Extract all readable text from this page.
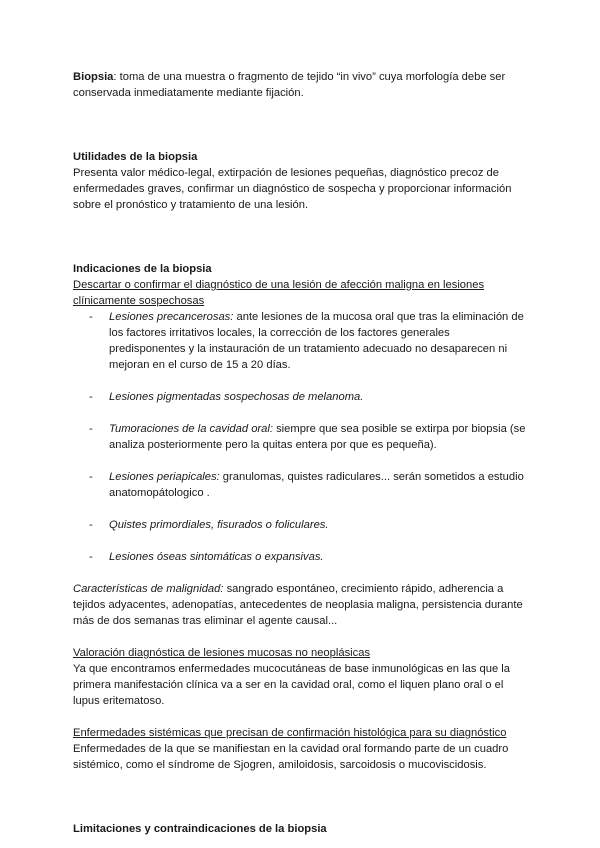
Biopsia: toma de una muestra o fragmento de tejido “in vivo” cuya morfología debe ser conservada inmediatamente mediante fijación.

Utilidades de la biopsia

Presenta valor médico-legal, extirpación de lesiones pequeñas, diagnóstico precoz de enfermedades graves, confirmar un diagnóstico de sospecha y proporcionar información sobre el pronóstico y tratamiento de una lesión.

Indicaciones de la biopsia

Descartar o confirmar el diagnóstico de una lesión de afección maligna en lesiones clínicamente sospechosas

- Lesiones precancerosas: ante lesiones de la mucosa oral que tras la eliminación de los factores irritativos locales, la corrección de los factores generales predisponentes y la instauración de un tratamiento adecuado no desaparecen ni mejoran en el curso de 15 a 20 días.
- Lesiones pigmentadas sospechosas de melanoma.
- Tumoraciones de la cavidad oral: siempre que sea posible se extirpa por biopsia (se analiza posteriormente pero la quitas entera por que es pequeña).
- Lesiones periapicales: granulomas, quistes radiculares... serán sometidos a estudio anatomopátologico .
- Quistes primordiales, fisurados o foliculares.
- Lesiones óseas sintomáticas o expansivas.

Características de malignidad: sangrado espontáneo, crecimiento rápido, adherencia a tejidos adyacentes, adenopatías, antecedentes de neoplasia maligna, persistencia durante más de dos semanas tras eliminar el agente causal...

Valoración diagnóstica de lesiones mucosas no neoplásicas

Ya que encontramos enfermedades mucocutáneas de base inmunológicas en las que la primera manifestación clínica va a ser en la cavidad oral, como el liquen plano oral o el lupus eritematoso.

Enfermedades sistémicas que precisan de confirmación histológica para su diagnóstico

Enfermedades de la que se manifiestan en la cavidad oral formando parte de un cuadro sistémico, como el síndrome de Sjogren, amiloidosis, sarcoidosis o mucoviscidosis.

Limitaciones y contraindicaciones de la biopsia
